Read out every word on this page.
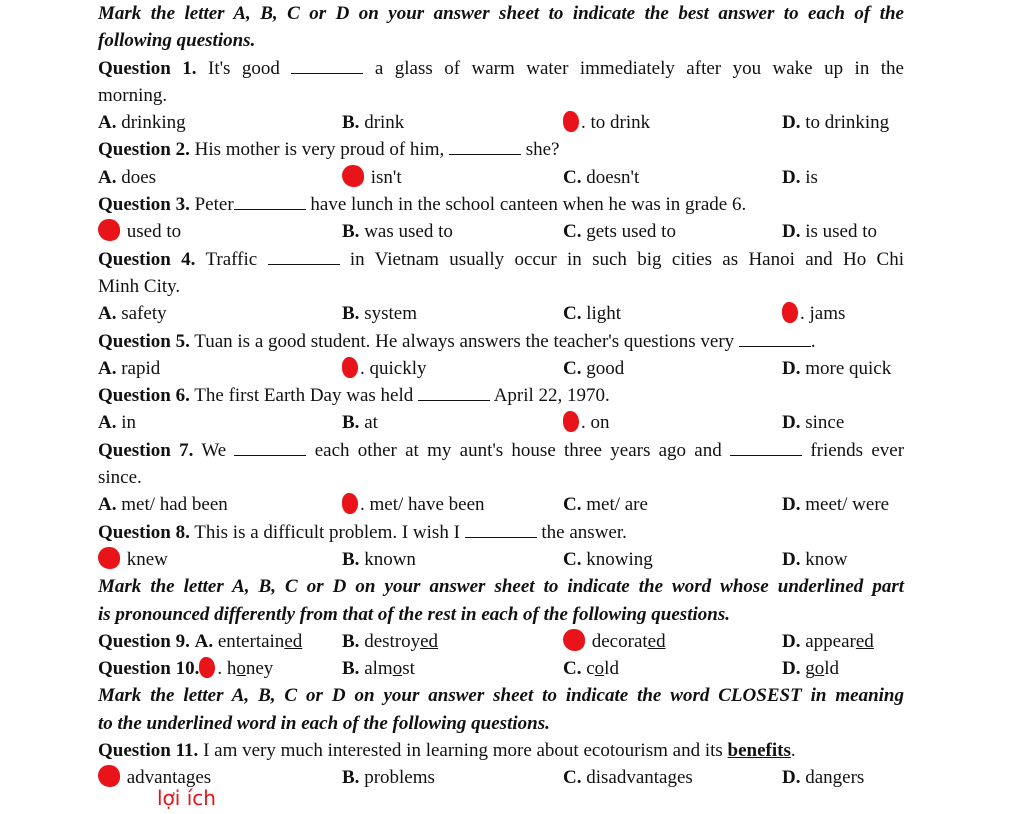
Mark the letter A, B, C or D on your answer sheet to indicate the best answer to each of the
following questions.
Question 1. It's good	a glass of warm water immediately after you wake up in the
morning.
A. drinking	B. drink	. to drink	D. to drinking
Question 2. His mother is very proud of him,	she?
A. does	isn't	C. doesn't	D. is
Question 3. Peter	have lunch in the school canteen when he was in grade 6.
used to	B. was used to	C. gets used to	D. is used to
Question 4. Traffic	in Vietnam usually occur in such big cities as Hanoi and Ho Chi
Minh City.
A. safety	B. system	C. light	. jams
Question 5. Tuan is a good student. He always answers the teacher's questions very	.
A. rapid	. quickly	C. good	D. more quick
Question 6. The first Earth Day was held	April 22, 1970.
A. in	B. at	. on	D. since
Question 7. We	each other at my aunt's house three years ago and	friends ever
since.
A. met/ had been	. met/ have been	C. met/ are	D. meet/ were
Question 8. This is a difficult problem. I wish I	the answer.
knew	B. known	C. knowing	D. know
Mark the letter A, B, C or D on your answer sheet to indicate the word whose underlined part
is pronounced differently from that of the rest in each of the following questions.
Question 9. A. entertained B. destroyed	decorated	D. appeared
Question 10. . honey	B. almost	C. cold	D. gold
Mark the letter A, B, C or D on your answer sheet to indicate the word CLOSEST in meaning
to the underlined word in each of the following questions.
Question 11. I am very much interested in learning more about ecotourism and its benefits.
advantages	B. problems	C. disadvantages	D. dangers
lợi ích
